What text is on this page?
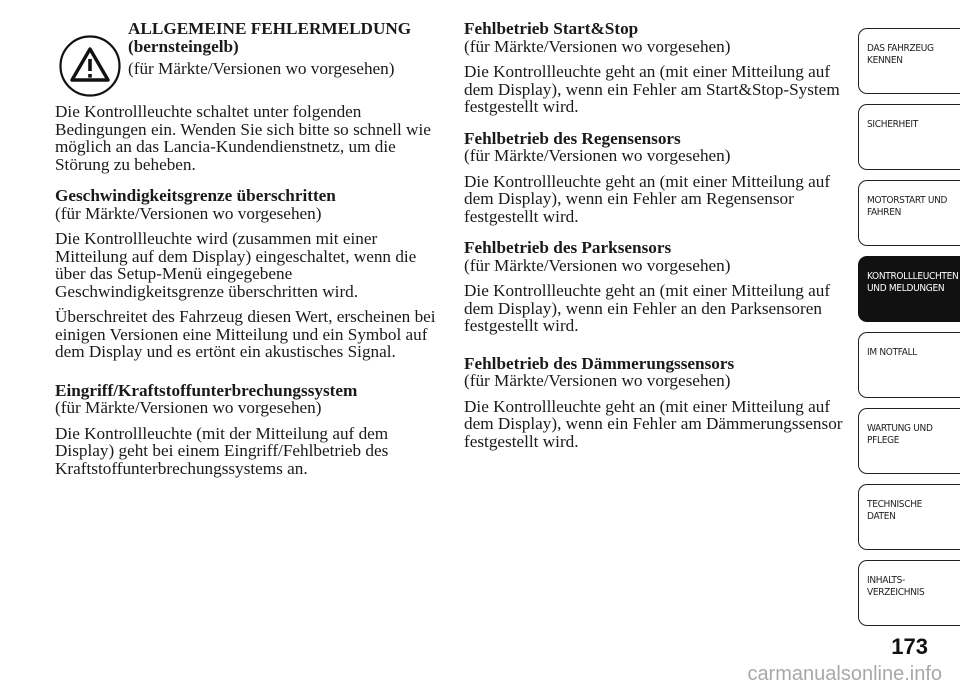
ALLGEMEINE FEHLERMELDUNG

(bernsteingelb)

(für Märkte/Versionen wo vorgesehen)

Die Kontrollleuchte schaltet unter folgenden Bedingungen ein. Wenden Sie sich bitte so schnell wie möglich an das Lancia-Kundendienstnetz, um die Störung zu beheben.

Geschwindigkeitsgrenze überschritten

(für Märkte/Versionen wo vorgesehen)

Die Kontrollleuchte wird (zusammen mit einer Mitteilung auf dem Display) eingeschaltet, wenn die über das Setup-Menü eingegebene Geschwindigkeitsgrenze überschritten wird.

Überschreitet des Fahrzeug diesen Wert, erscheinen bei einigen Versionen eine Mitteilung und ein Symbol auf dem Display und es ertönt ein akustisches Signal.

Eingriff/Kraftstoffunterbrechungssystem

(für Märkte/Versionen wo vorgesehen)

Die Kontrollleuchte (mit der Mitteilung auf dem Display) geht bei einem Eingriff/Fehlbetrieb des Kraftstoffunterbrechungssystems an.

Fehlbetrieb Start&Stop

(für Märkte/Versionen wo vorgesehen)

Die Kontrollleuchte geht an (mit einer Mitteilung auf dem Display), wenn ein Fehler am Start&Stop-System festgestellt wird.

Fehlbetrieb des Regensensors

(für Märkte/Versionen wo vorgesehen)

Die Kontrollleuchte geht an (mit einer Mitteilung auf dem Display), wenn ein Fehler am Regensensor festgestellt wird.

Fehlbetrieb des Parksensors

(für Märkte/Versionen wo vorgesehen)

Die Kontrollleuchte geht an (mit einer Mitteilung auf dem Display), wenn ein Fehler an den Parksensoren festgestellt wird.

Fehlbetrieb des Dämmerungssensors

(für Märkte/Versionen wo vorgesehen)

Die Kontrollleuchte geht an (mit einer Mitteilung auf dem Display), wenn ein Fehler am Dämmerungssensor festgestellt wird.

DAS FAHRZEUG
KENNEN
SICHERHEIT
MOTORSTART UND
FAHREN
KONTROLLLEUCHTEN
UND MELDUNGEN
IM NOTFALL
WARTUNG UND
PFLEGE
TECHNISCHE
DATEN
INHALTS-
VERZEICHNIS
173
carmanualsonline.info
